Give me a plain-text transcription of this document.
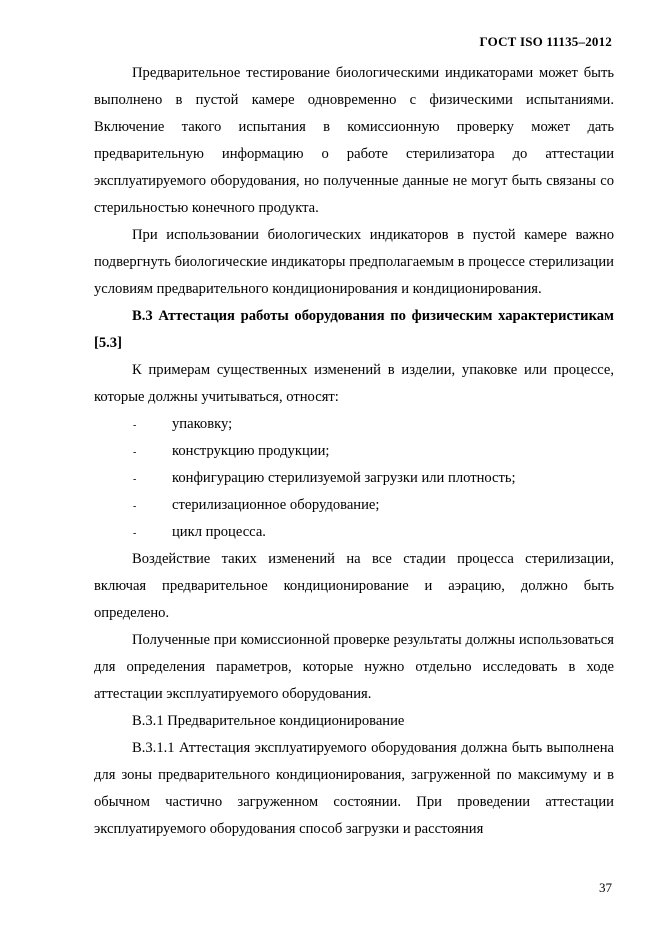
ГОСТ ISO 11135–2012

Предварительное тестирование биологическими индикаторами может быть выполнено в пустой камере одновременно с физическими испытаниями. Включение такого испытания в комиссионную проверку может дать предварительную информацию о работе стерилизатора до аттестации эксплуатируемого оборудования, но полученные данные не могут быть связаны со стерильностью конечного продукта.

При использовании биологических индикаторов в пустой камере важно подвергнуть биологические индикаторы предполагаемым в процессе стерилизации условиям предварительного кондиционирования и кондиционирования.

В.3 Аттестация работы оборудования по физическим характеристикам [5.3]

К примерам существенных изменений в изделии, упаковке или процессе, которые должны учитываться, относят:

- упаковку;
- конструкцию продукции;
- конфигурацию стерилизуемой загрузки или плотность;
- стерилизационное оборудование;
- цикл процесса.

Воздействие таких изменений на все стадии процесса стерилизации, включая предварительное кондиционирование и аэрацию, должно быть определено.

Полученные при комиссионной проверке результаты должны использоваться для определения параметров, которые нужно отдельно исследовать в ходе аттестации эксплуатируемого оборудования.

В.3.1 Предварительное кондиционирование

В.3.1.1 Аттестация эксплуатируемого оборудования должна быть выполнена для зоны предварительного кондиционирования, загруженной по максимуму и в обычном частично загруженном состоянии. При проведении аттестации эксплуатируемого оборудования способ загрузки и расстояния

37
